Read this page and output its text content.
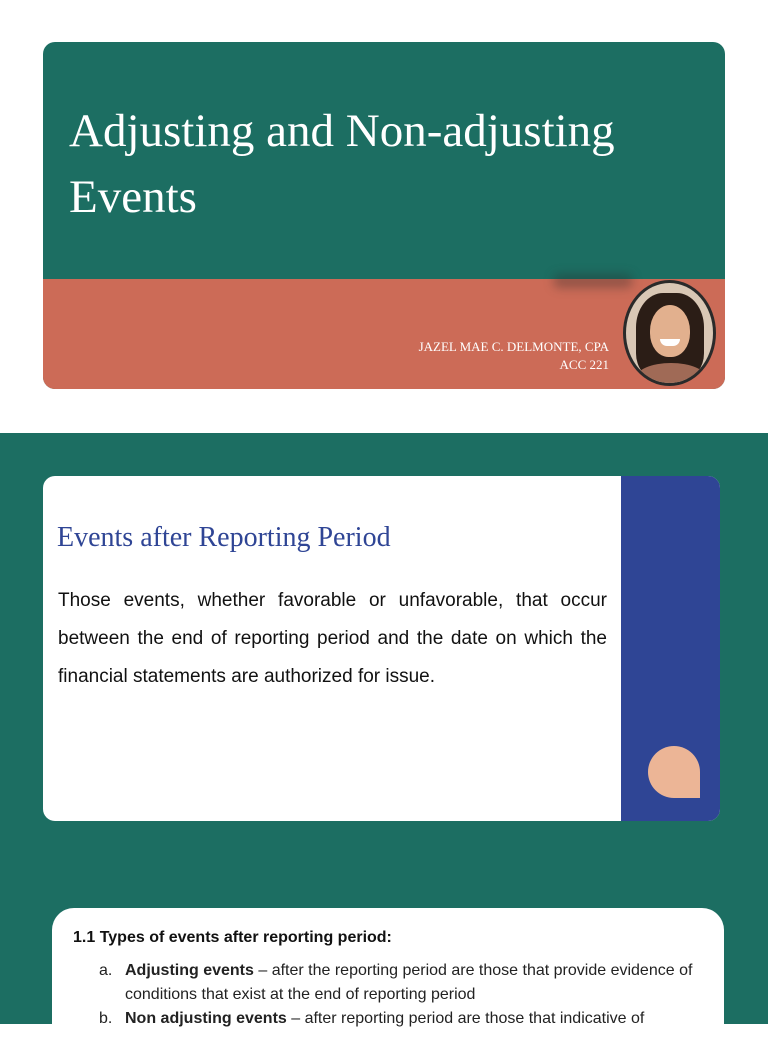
Adjusting and Non-adjusting Events

JAZEL MAE C. DELMONTE, CPA
ACC 221

Events after Reporting Period

Those events, whether favorable or unfavorable, that occur between the end of reporting period and the date on which the financial statements are authorized for issue.

1.1 Types of events after reporting period:

a. Adjusting events – after the reporting period are those that provide evidence of conditions that exist at the end of reporting period
b. Non adjusting events – after reporting period are those that indicative of
